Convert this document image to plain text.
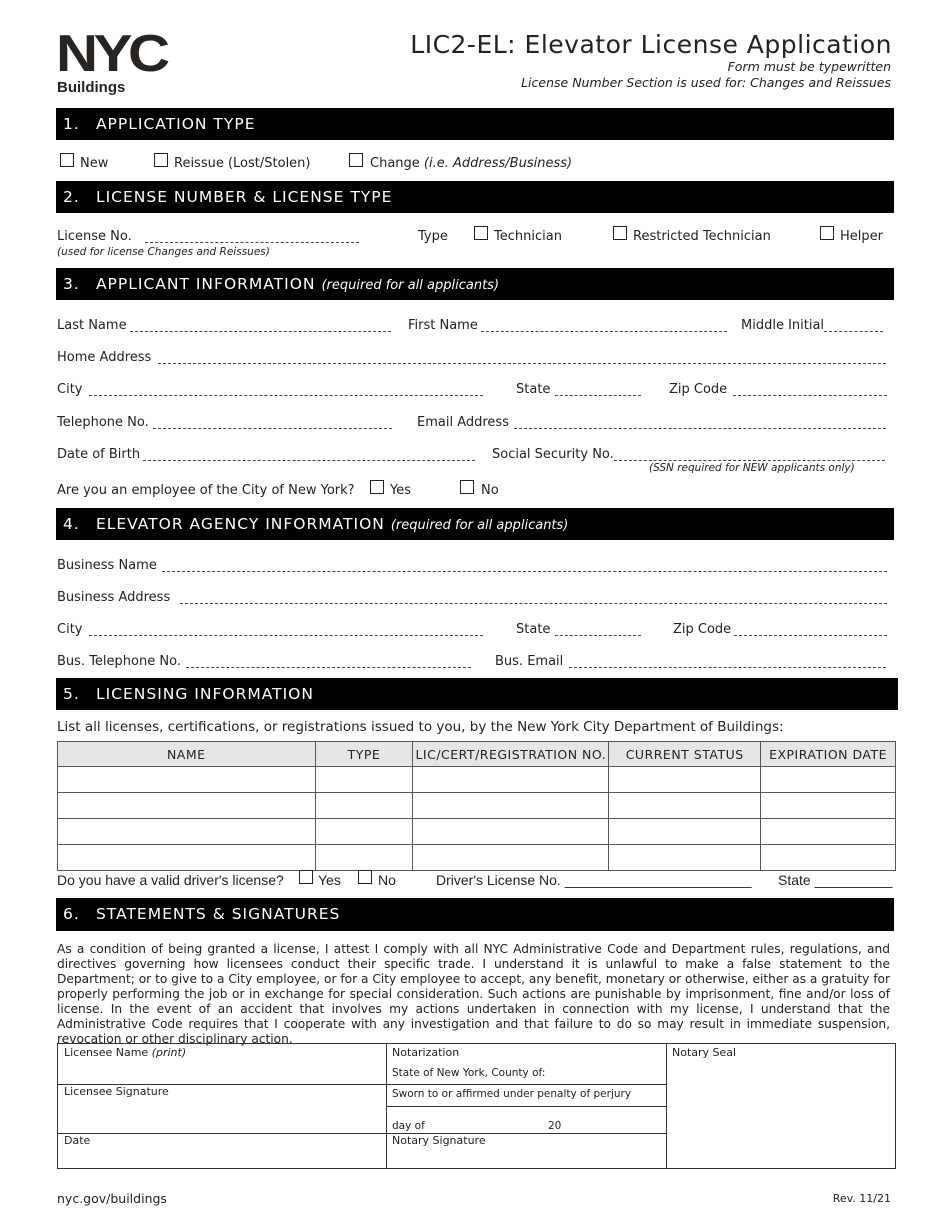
NYC
Buildings
LIC2-EL: Elevator License Application
Form must be typewritten
License Number Section is used for: Changes and Reissues
1. APPLICATION TYPE
New	Reissue (Lost/Stolen)	Change (i.e. Address/Business)
2. LICENSE NUMBER & LICENSE TYPE
License No.
(used for license Changes and Reissues)
Type	Technician	Restricted Technician	Helper
3. APPLICANT INFORMATION (required for all applicants)
Last Name	First Name	Middle Initial
Home Address
City	State	Zip Code
Telephone No.	Email Address
Date of Birth	Social Security No.
(SSN required for NEW applicants only)
Are you an employee of the City of New York?	Yes	No
4. ELEVATOR AGENCY INFORMATION (required for all applicants)
Business Name
Business Address
City	State	Zip Code
Bus. Telephone No.	Bus. Email
5. LICENSING INFORMATION
List all licenses, certifications, or registrations issued to you, by the New York City Department of Buildings:
NAME	TYPE	LIC/CERT/REGISTRATION NO.	CURRENT STATUS	EXPIRATION DATE

Do you have a valid driver's license? Yes	No	Driver's License No. ________________________ State __________
6. STATEMENTS & SIGNATURES
As a condition of being granted a license, I attest I comply with all NYC Administrative Code and Department rules, regulations, and directives governing how licensees conduct their specific trade. I understand it is unlawful to make a false statement to the Department; or to give to a City employee, or for a City employee to accept, any benefit, monetary or otherwise, either as a gratuity for properly performing the job or in exchange for special consideration. Such actions are punishable by imprisonment, fine and/or loss of license. In the event of an accident that involves my actions undertaken in connection with my license, I understand that the Administrative Code requires that I cooperate with any investigation and that failure to do so may result in immediate suspension, revocation or other disciplinary action.
Licensee Name (print)
Licensee Signature
Date
Notarization
State of New York, County of:
Sworn to or affirmed under penalty of perjury
day of	20
Notary Signature
Notary Seal
nyc.gov/buildings	Rev. 11/21
